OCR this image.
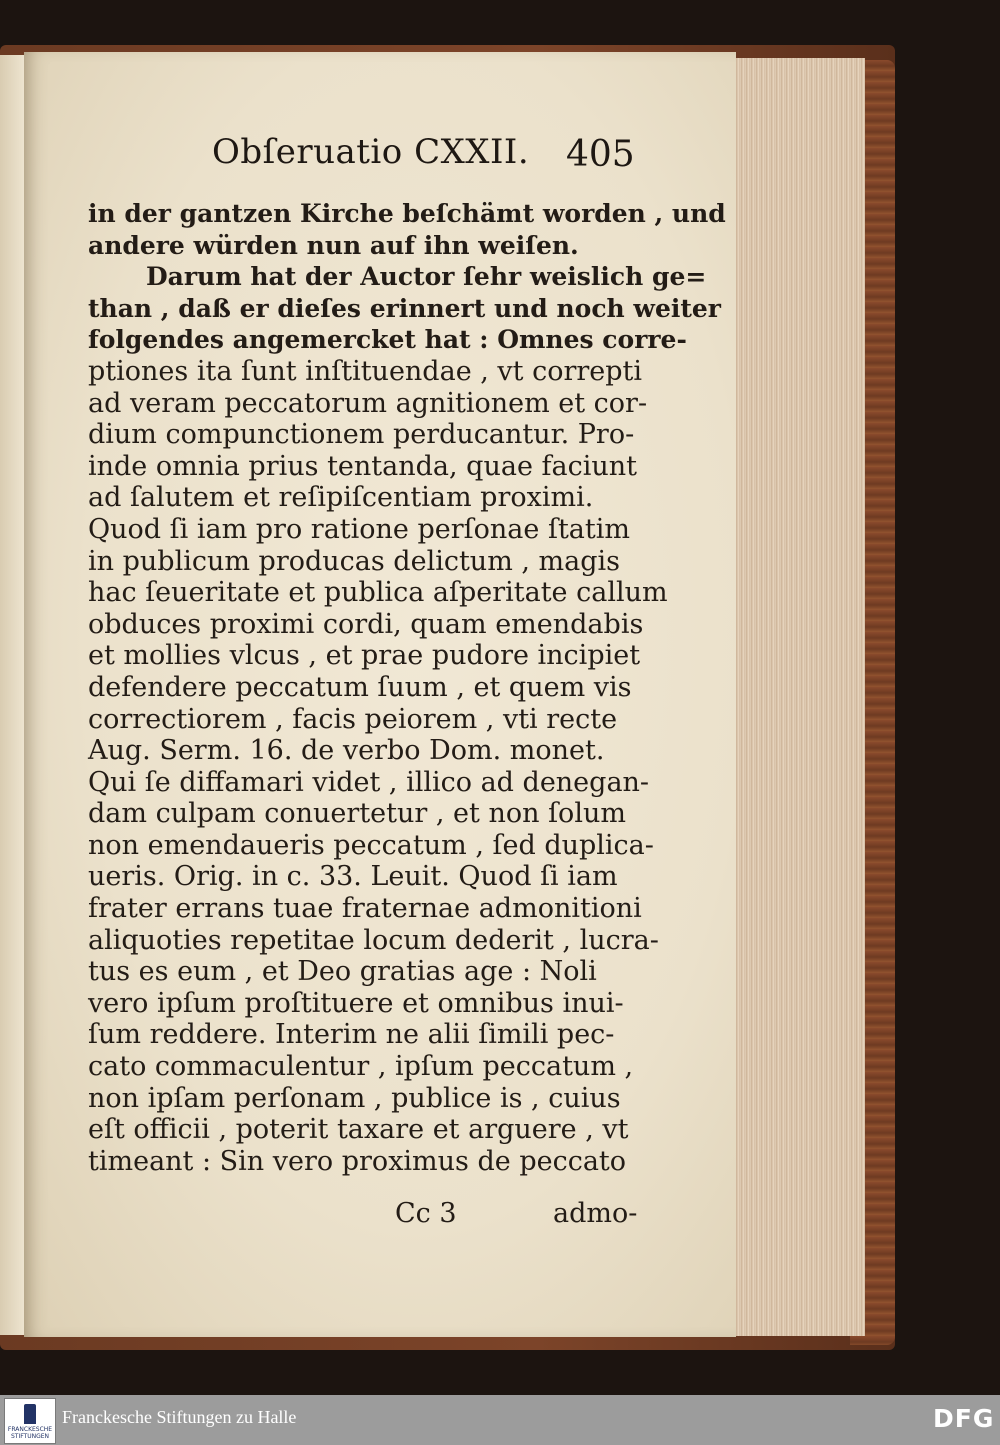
Obſeruatio CXXII. 405
in der gantzen Kirche beſchämt worden , und
andere würden nun auf ihn weiſen.
Darum hat der Auctor ſehr weislich ge=
than , daß er dieſes erinnert und noch weiter
folgendes angemercket hat : Omnes corre-
ptiones ita ſunt inſtituendae , vt correpti
ad veram peccatorum agnitionem et cor-
dium compunctionem perducantur. Pro-
inde omnia prius tentanda, quae faciunt
ad ſalutem et reſipiſcentiam proximi.
Quod ſi iam pro ratione perſonae ſtatim
in publicum producas delictum , magis
hac ſeueritate et publica aſperitate callum
obduces proximi cordi, quam emendabis
et mollies vlcus , et prae pudore incipiet
defendere peccatum ſuum , et quem vis
correctiorem , facis peiorem , vti recte
Aug. Serm. 16. de verbo Dom. monet.
Qui ſe diffamari videt , illico ad denegan-
dam culpam conuertetur , et non ſolum
non emendaueris peccatum , ſed duplica-
ueris. Orig. in c. 33. Leuit. Quod ſi iam
frater errans tuae fraternae admonitioni
aliquoties repetitae locum dederit , lucra-
tus es eum , et Deo gratias age : Noli
vero ipſum proſtituere et omnibus inui-
ſum reddere. Interim ne alii ſimili pec-
cato commaculentur , ipſum peccatum ,
non ipſam perſonam , publice is , cuius
eſt officii , poterit taxare et arguere , vt
timeant : Sin vero proximus de peccato
Cc 3	admo-
FRANCKESCHE STIFTUNGEN
Franckesche Stiftungen zu Halle	DFG
